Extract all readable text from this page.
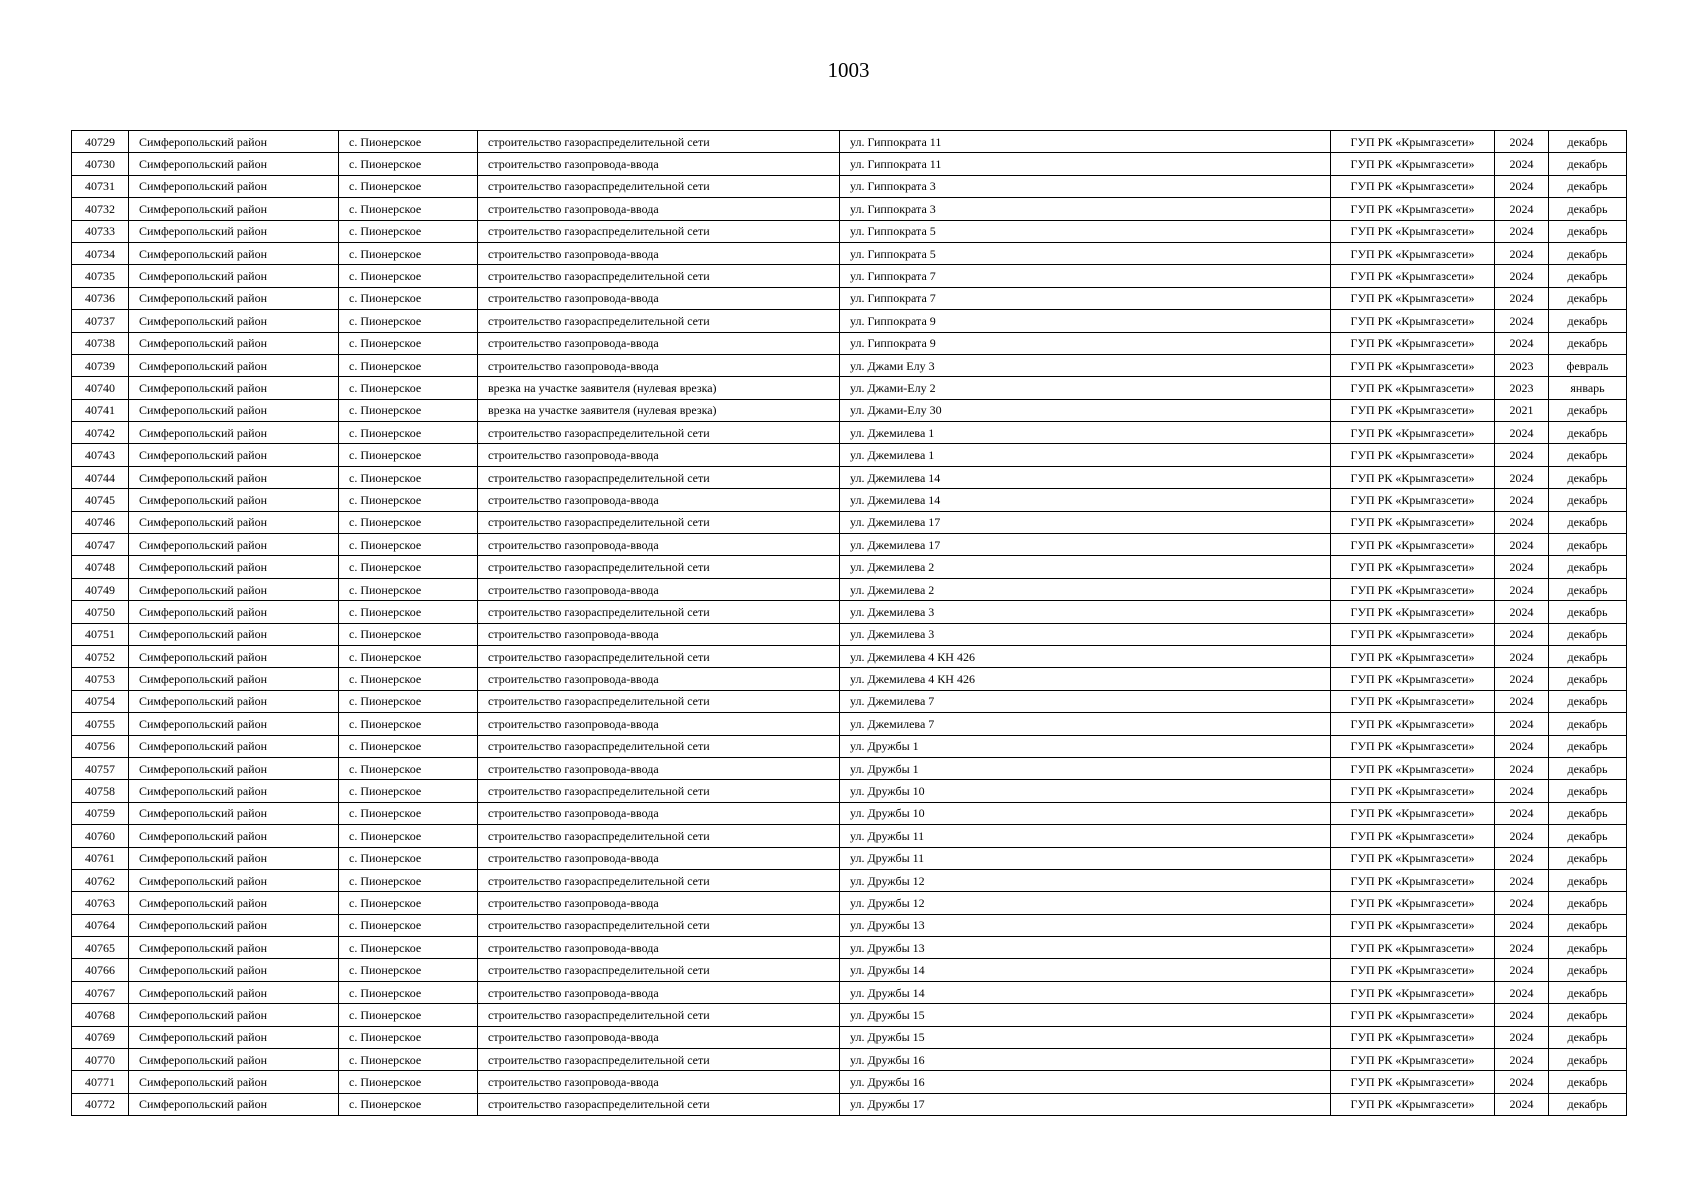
1003
40729	Симферопольский район	с. Пионерское	строительство газораспределительной сети	ул. Гиппократа 11	ГУП РК «Крымгазсети»	2024	декабрь
40730	Симферопольский район	с. Пионерское	строительство газопровода-ввода	ул. Гиппократа 11	ГУП РК «Крымгазсети»	2024	декабрь
40731	Симферопольский район	с. Пионерское	строительство газораспределительной сети	ул. Гиппократа 3	ГУП РК «Крымгазсети»	2024	декабрь
40732	Симферопольский район	с. Пионерское	строительство газопровода-ввода	ул. Гиппократа 3	ГУП РК «Крымгазсети»	2024	декабрь
40733	Симферопольский район	с. Пионерское	строительство газораспределительной сети	ул. Гиппократа 5	ГУП РК «Крымгазсети»	2024	декабрь
40734	Симферопольский район	с. Пионерское	строительство газопровода-ввода	ул. Гиппократа 5	ГУП РК «Крымгазсети»	2024	декабрь
40735	Симферопольский район	с. Пионерское	строительство газораспределительной сети	ул. Гиппократа 7	ГУП РК «Крымгазсети»	2024	декабрь
40736	Симферопольский район	с. Пионерское	строительство газопровода-ввода	ул. Гиппократа 7	ГУП РК «Крымгазсети»	2024	декабрь
40737	Симферопольский район	с. Пионерское	строительство газораспределительной сети	ул. Гиппократа 9	ГУП РК «Крымгазсети»	2024	декабрь
40738	Симферопольский район	с. Пионерское	строительство газопровода-ввода	ул. Гиппократа 9	ГУП РК «Крымгазсети»	2024	декабрь
40739	Симферопольский район	с. Пионерское	строительство газопровода-ввода	ул. Джами Елу 3	ГУП РК «Крымгазсети»	2023	февраль
40740	Симферопольский район	с. Пионерское	врезка на участке заявителя (нулевая врезка)	ул. Джами-Елу 2	ГУП РК «Крымгазсети»	2023	январь
40741	Симферопольский район	с. Пионерское	врезка на участке заявителя (нулевая врезка)	ул. Джами-Елу 30	ГУП РК «Крымгазсети»	2021	декабрь
40742	Симферопольский район	с. Пионерское	строительство газораспределительной сети	ул. Джемилева 1	ГУП РК «Крымгазсети»	2024	декабрь
40743	Симферопольский район	с. Пионерское	строительство газопровода-ввода	ул. Джемилева 1	ГУП РК «Крымгазсети»	2024	декабрь
40744	Симферопольский район	с. Пионерское	строительство газораспределительной сети	ул. Джемилева 14	ГУП РК «Крымгазсети»	2024	декабрь
40745	Симферопольский район	с. Пионерское	строительство газопровода-ввода	ул. Джемилева 14	ГУП РК «Крымгазсети»	2024	декабрь
40746	Симферопольский район	с. Пионерское	строительство газораспределительной сети	ул. Джемилева 17	ГУП РК «Крымгазсети»	2024	декабрь
40747	Симферопольский район	с. Пионерское	строительство газопровода-ввода	ул. Джемилева 17	ГУП РК «Крымгазсети»	2024	декабрь
40748	Симферопольский район	с. Пионерское	строительство газораспределительной сети	ул. Джемилева 2	ГУП РК «Крымгазсети»	2024	декабрь
40749	Симферопольский район	с. Пионерское	строительство газопровода-ввода	ул. Джемилева 2	ГУП РК «Крымгазсети»	2024	декабрь
40750	Симферопольский район	с. Пионерское	строительство газораспределительной сети	ул. Джемилева 3	ГУП РК «Крымгазсети»	2024	декабрь
40751	Симферопольский район	с. Пионерское	строительство газопровода-ввода	ул. Джемилева 3	ГУП РК «Крымгазсети»	2024	декабрь
40752	Симферопольский район	с. Пионерское	строительство газораспределительной сети	ул. Джемилева 4 КН 426	ГУП РК «Крымгазсети»	2024	декабрь
40753	Симферопольский район	с. Пионерское	строительство газопровода-ввода	ул. Джемилева 4 КН 426	ГУП РК «Крымгазсети»	2024	декабрь
40754	Симферопольский район	с. Пионерское	строительство газораспределительной сети	ул. Джемилева 7	ГУП РК «Крымгазсети»	2024	декабрь
40755	Симферопольский район	с. Пионерское	строительство газопровода-ввода	ул. Джемилева 7	ГУП РК «Крымгазсети»	2024	декабрь
40756	Симферопольский район	с. Пионерское	строительство газораспределительной сети	ул. Дружбы 1	ГУП РК «Крымгазсети»	2024	декабрь
40757	Симферопольский район	с. Пионерское	строительство газопровода-ввода	ул. Дружбы 1	ГУП РК «Крымгазсети»	2024	декабрь
40758	Симферопольский район	с. Пионерское	строительство газораспределительной сети	ул. Дружбы 10	ГУП РК «Крымгазсети»	2024	декабрь
40759	Симферопольский район	с. Пионерское	строительство газопровода-ввода	ул. Дружбы 10	ГУП РК «Крымгазсети»	2024	декабрь
40760	Симферопольский район	с. Пионерское	строительство газораспределительной сети	ул. Дружбы 11	ГУП РК «Крымгазсети»	2024	декабрь
40761	Симферопольский район	с. Пионерское	строительство газопровода-ввода	ул. Дружбы 11	ГУП РК «Крымгазсети»	2024	декабрь
40762	Симферопольский район	с. Пионерское	строительство газораспределительной сети	ул. Дружбы 12	ГУП РК «Крымгазсети»	2024	декабрь
40763	Симферопольский район	с. Пионерское	строительство газопровода-ввода	ул. Дружбы 12	ГУП РК «Крымгазсети»	2024	декабрь
40764	Симферопольский район	с. Пионерское	строительство газораспределительной сети	ул. Дружбы 13	ГУП РК «Крымгазсети»	2024	декабрь
40765	Симферопольский район	с. Пионерское	строительство газопровода-ввода	ул. Дружбы 13	ГУП РК «Крымгазсети»	2024	декабрь
40766	Симферопольский район	с. Пионерское	строительство газораспределительной сети	ул. Дружбы 14	ГУП РК «Крымгазсети»	2024	декабрь
40767	Симферопольский район	с. Пионерское	строительство газопровода-ввода	ул. Дружбы 14	ГУП РК «Крымгазсети»	2024	декабрь
40768	Симферопольский район	с. Пионерское	строительство газораспределительной сети	ул. Дружбы 15	ГУП РК «Крымгазсети»	2024	декабрь
40769	Симферопольский район	с. Пионерское	строительство газопровода-ввода	ул. Дружбы 15	ГУП РК «Крымгазсети»	2024	декабрь
40770	Симферопольский район	с. Пионерское	строительство газораспределительной сети	ул. Дружбы 16	ГУП РК «Крымгазсети»	2024	декабрь
40771	Симферопольский район	с. Пионерское	строительство газопровода-ввода	ул. Дружбы 16	ГУП РК «Крымгазсети»	2024	декабрь
40772	Симферопольский район	с. Пионерское	строительство газораспределительной сети	ул. Дружбы 17	ГУП РК «Крымгазсети»	2024	декабрь
